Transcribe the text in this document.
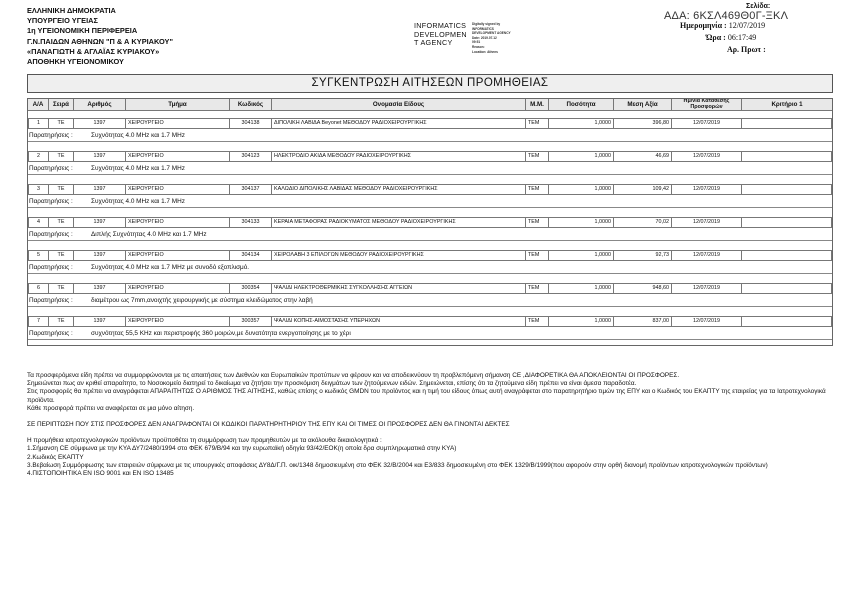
ΕΛΛΗΝΙΚΗ ΔΗΜΟΚΡΑΤΙΑ
ΥΠΟΥΡΓΕΙΟ ΥΓΕΙΑΣ
1η ΥΓΕΙΟΝΟΜΙΚΗ ΠΕΡΙΦΕΡΕΙΑ
Γ.Ν.ΠΑΙΔΩΝ ΑΘΗΝΩΝ "Π & Α ΚΥΡΙΑΚΟΥ"
«ΠΑΝΑΓΙΩΤΗ & ΑΓΛΑΪΑΣ ΚΥΡΙΑΚΟΥ»
ΑΠΟΘΗΚΗ ΥΓΕΙΟΝΟΜΙΚΟΥ
INFORMATICS
DEVELOPMEN
T AGENCY
Digitally signed by
INFORMATICS
DEVELOPMENT AGENCY
Date: 2019.07.12
09:51
Reason:
Location: Athens
Σελίδα:
ΑΔΑ: 6ΚΣΛ469Θ0Γ-ΞΚΛ
Ημερομηνία : 12/07/2019
Ώρα : 06:17:49
Αρ. Πρωτ :
ΣΥΓΚΕΝΤΡΩΣΗ ΑΙΤΗΣΕΩΝ ΠΡΟΜΗΘΕΙΑΣ
Α/Α	Σειρά	Αριθμός	Τμήμα	Κωδικός	Ονομασία Είδους	Μ.Μ.	Ποσότητα	Μεση Αξία	Ημ/νια Κατάθεσης Προσφορών	Κριτήριο 1
1	ΤΕ	1397	ΧΕΙΡΟΥΡΓΕΙΟ	304138	ΔΙΠΟΛΙΚΗ ΛΑΒΙΔΑ Beyonet ΜΕΘΟΔΟΥ ΡΑΔΙΟΧΕΙΡΟΥΡΓΙΚΗΣ	ΤΕΜ	1,0000	396,80	12/07/2019
Παρατηρήσεις :	Συχνότητας 4.0 MHz και 1.7 MHz
2	ΤΕ	1397	ΧΕΙΡΟΥΡΓΕΙΟ	304123	ΗΛΕΚΤΡΟΔΙΟ ΑΚΙΔΑ ΜΕΘΟΔΟΥ ΡΑΔΙΟΧΕΙΡΟΥΡΓΙΚΗΣ	ΤΕΜ	1,0000	46,69	12/07/2019
Παρατηρήσεις :	Συχνότητας 4.0 MHz και 1.7 MHz
3	ΤΕ	1397	ΧΕΙΡΟΥΡΓΕΙΟ	304137	ΚΑΛΩΔΙΟ ΔΙΠΟΛΙΚΗΣ ΛΑΒΙΔΑΣ ΜΕΘΟΔΟΥ ΡΑΔΙΟΧΕΙΡΟΥΡΓΙΚΗΣ	ΤΕΜ	1,0000	109,42	12/07/2019
Παρατηρήσεις :	Συχνότητας 4.0 MHz και 1.7 MHz
4	ΤΕ	1397	ΧΕΙΡΟΥΡΓΕΙΟ	304133	ΚΕΡΑΙΑ ΜΕΤΑΦΟΡΑΣ ΡΑΔΙΟΚΥΜΑΤΟΣ ΜΕΘΟΔΟΥ ΡΑΔΙΟΧΕΙΡΟΥΡΓΙΚΗΣ	ΤΕΜ	1,0000	70,02	12/07/2019
Παρατηρήσεις :	Διπλής Συχνότητας 4.0 MHz και 1.7 MHz
5	ΤΕ	1397	ΧΕΙΡΟΥΡΓΕΙΟ	304134	ΧΕΙΡΟΛΑΒΗ 3 ΕΠΙΛΟΓΩΝ ΜΕΘΟΔΟΥ ΡΑΔΙΟΧΕΙΡΟΥΡΓΙΚΗΣ	ΤΕΜ	1,0000	92,73	12/07/2019
Παρατηρήσεις :	Συχνότητας 4.0 MHz και 1.7 MHz με συνοδό εξοπλισμό.
6	ΤΕ	1397	ΧΕΙΡΟΥΡΓΕΙΟ	300354	ΨΑΛΙΔΙ ΗΛΕΚΤΡΟΘΕΡΜΙΚΗΣ ΣΥΓΚΟΛΛΗΣΗΣ ΑΓΓΕΙΩΝ	ΤΕΜ	1,0000	948,60	12/07/2019
Παρατηρήσεις :	διαμέτρου ως 7mm,ανοιχτής χειρουργικής με σύστημα κλειδώματος στην λαβή
7	ΤΕ	1397	ΧΕΙΡΟΥΡΓΕΙΟ	300357	ΨΑΛΙΔΙ ΚΟΠΗΣ-ΑΙΜΟΣΤΑΣΗΣ ΥΠΕΡΗΧΩΝ	ΤΕΜ	1,0000	837,00	12/07/2019
Παρατηρήσεις :	συχνότητας 55,5 KHz και περιστροφής 360 μοιρών,με δυνατότητα ενεργοποίησης με το χέρι

Τα προσφερόμενα είδη πρέπει να συμμορφώνονται με τις απαιτήσεις των Διεθνών και Ευρωπαϊκών προτύπων να φέρουν και να αποδεικνύουν τη προβλεπόμενη σήμανση CE ,ΔΙΑΦΟΡΕΤΙΚΑ ΘΑ ΑΠΟΚΛΕΙΟΝΤΑΙ ΟΙ ΠΡΟΣΦΟΡΕΣ.

Σημειώνεται πως αν κριθεί απαραίτητο, το Νοσοκομείο διατηρεί το δικαίωμα να ζητήσει την προσκόμιση δειγμάτων των ζητούμενων ειδών. Σημειώνεται, επίσης ότι τα ζητούμενα είδη πρέπει να είναι άμεσα παραδοτέα.

Στις προσφορές θα πρέπει να αναγράφεται ΑΠΑΡΑΙΤΗΤΩΣ Ο ΑΡΙΘΜΟΣ ΤΗΣ ΑΙΤΗΣΗΣ, καθώς επίσης ο κωδικός GMDN του προϊόντος και η τιμή του είδους όπως αυτή αναγράφεται στο παρατηρητήριο τιμών της ΕΠΥ και ο Κωδικός του ΕΚΑΠΤΥ της εταιρείας για τα Ιατροτεχνολογικά προϊόντα.

Κάθε προσφορά πρέπει να αναφέρεται σε μια μόνο αίτηση.

ΣΕ ΠΕΡΙΠΤΩΣΗ ΠΟΥ ΣΤΙΣ ΠΡΟΣΦΟΡΕΣ ΔΕΝ ΑΝΑΓΡΑΦΟΝΤΑΙ ΟΙ ΚΩΔΙΚΟΙ ΠΑΡΑΤΗΡΗΤΗΡΙΟΥ ΤΗΣ ΕΠΥ ΚΑΙ ΟΙ ΤΙΜΕΣ ΟΙ ΠΡΟΣΦΟΡΕΣ ΔΕΝ ΘΑ ΓΙΝΟΝΤΑΙ ΔΕΚΤΕΣ

Η προμήθεια ιατροτεχνολογικών προϊόντων προϋποθέτει τη συμμόρφωση των προμηθευτών με τα ακόλουθα δικαιολογητικά :

1.Σήμανση CE σύμφωνα με την ΚΥΑ ΔΥ7/2480/1994 στο ΦΕΚ 679/Β/94 και την ευρωπαϊκή οδηγία 93/42/ΕΟΚ(η οποία δρα συμπληρωματικά στην ΚΥΑ)

2.Κωδικός ΕΚΑΠΤΥ

3.Βεβαίωση Συμμόρφωσης των εταιρειών σύμφωνα με τις υπουργικές αποφάσεις ΔΥ8Δ/Γ.Π. οικ/1348 δημοσιευμένη στο ΦΕΚ 32/Β/2004 και Ε3/833 δημοσιευμένη στο ΦΕΚ 1329/Β/1999(που αφορούν στην ορθή διανομή προϊόντων ιατροτεχνολογικών προϊόντων)

4.ΠΙΣΤΟΠΟΙΗΤΙΚΑ ΕΝ ISO 9001 και ΕΝ ISO 13485
